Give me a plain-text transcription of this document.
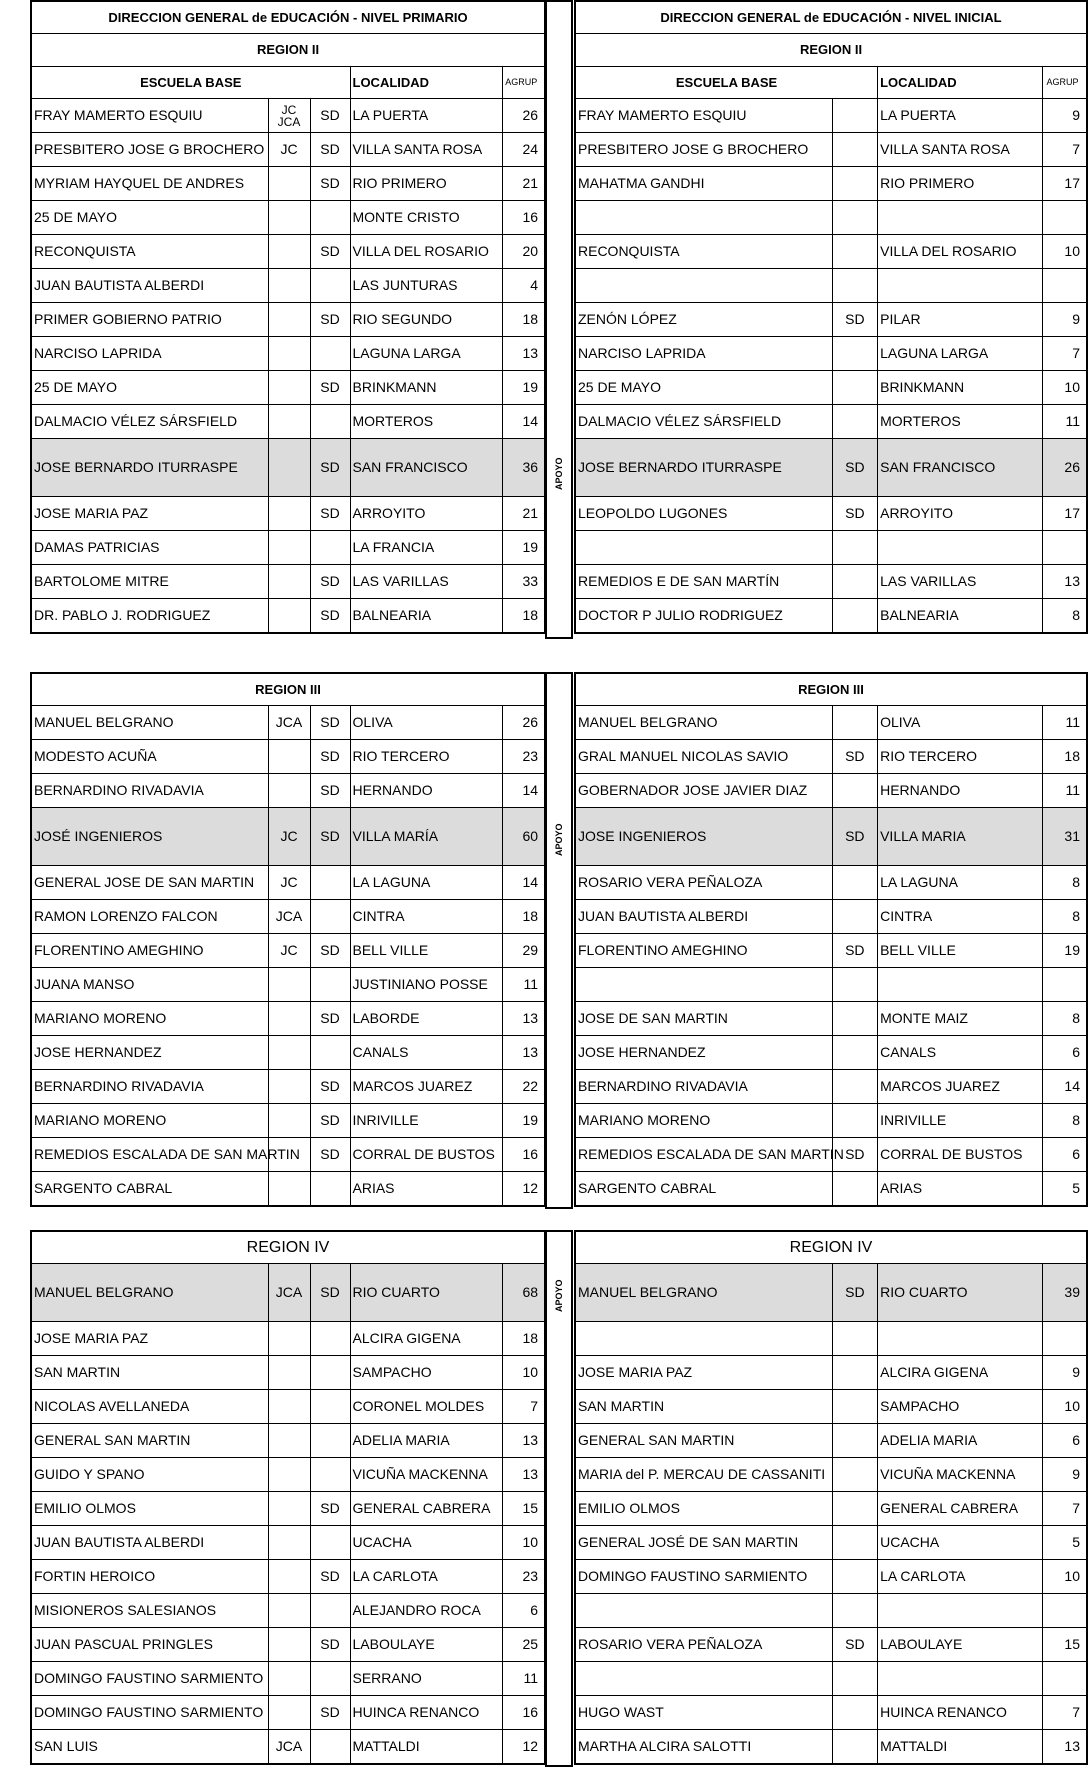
DIRECCION GENERAL de EDUCACIÓN - NIVEL PRIMARIO				
REGION II				
ESCUELA BASE			LOCALIDAD	AGRUP
FRAY MAMERTO ESQUIU	JC JCA	SD	LA PUERTA	26
PRESBITERO JOSE G BROCHERO	JC	SD	VILLA SANTA ROSA	24
MYRIAM HAYQUEL DE ANDRES		SD	RIO PRIMERO	21
25 DE MAYO			MONTE CRISTO	16
RECONQUISTA		SD	VILLA DEL ROSARIO	20
JUAN BAUTISTA ALBERDI			LAS JUNTURAS	4
PRIMER GOBIERNO PATRIO		SD	RIO SEGUNDO	18
NARCISO LAPRIDA			LAGUNA LARGA	13
25 DE MAYO		SD	BRINKMANN	19
DALMACIO VÉLEZ SÁRSFIELD			MORTEROS	14
JOSE BERNARDO ITURRASPE		SD	SAN FRANCISCO	36
JOSE MARIA PAZ		SD	ARROYITO	21
DAMAS PATRICIAS			LA FRANCIA	19
BARTOLOME MITRE		SD	LAS VARILLAS	33
DR. PABLO J. RODRIGUEZ		SD	BALNEARIA	18
DIRECCION GENERAL de EDUCACIÓN - NIVEL INICIAL			
REGION II			
ESCUELA BASE		LOCALIDAD	AGRUP
FRAY MAMERTO ESQUIU		LA PUERTA	9
PRESBITERO JOSE G BROCHERO		VILLA SANTA ROSA	7
MAHATMA GANDHI		RIO PRIMERO	17

RECONQUISTA		VILLA DEL ROSARIO	10

ZENÓN LÓPEZ	SD	PILAR	9
NARCISO LAPRIDA		LAGUNA LARGA	7
25 DE MAYO		BRINKMANN	10
DALMACIO VÉLEZ SÁRSFIELD		MORTEROS	11
JOSE BERNARDO ITURRASPE	SD	SAN FRANCISCO	26
LEOPOLDO LUGONES	SD	ARROYITO	17

REMEDIOS E DE SAN MARTÍN		LAS VARILLAS	13
DOCTOR P JULIO RODRIGUEZ		BALNEARIA	8
APOYO
REGION III				
MANUEL BELGRANO	JCA	SD	OLIVA	26
MODESTO ACUÑA		SD	RIO TERCERO	23
BERNARDINO RIVADAVIA		SD	HERNANDO	14
JOSÉ INGENIEROS	JC	SD	VILLA MARÍA	60
GENERAL JOSE DE SAN MARTIN	JC		LA LAGUNA	14
RAMON LORENZO FALCON	JCA		CINTRA	18
FLORENTINO AMEGHINO	JC	SD	BELL VILLE	29
JUANA MANSO			JUSTINIANO POSSE	11
MARIANO MORENO		SD	LABORDE	13
JOSE HERNANDEZ			CANALS	13
BERNARDINO RIVADAVIA		SD	MARCOS JUAREZ	22
MARIANO MORENO		SD	INRIVILLE	19
REMEDIOS ESCALADA DE SAN MARTIN		SD	CORRAL DE BUSTOS	16
SARGENTO CABRAL			ARIAS	12
REGION III			
MANUEL BELGRANO		OLIVA	11
GRAL MANUEL NICOLAS SAVIO	SD	RIO TERCERO	18
GOBERNADOR JOSE JAVIER DIAZ		HERNANDO	11
JOSE INGENIEROS	SD	VILLA MARIA	31
ROSARIO VERA PEÑALOZA		LA LAGUNA	8
JUAN BAUTISTA ALBERDI		CINTRA	8
FLORENTINO AMEGHINO	SD	BELL VILLE	19

JOSE DE SAN MARTIN		MONTE MAIZ	8
JOSE HERNANDEZ		CANALS	6
BERNARDINO RIVADAVIA		MARCOS JUAREZ	14
MARIANO MORENO		INRIVILLE	8
REMEDIOS ESCALADA DE SAN MARTIN	SD	CORRAL DE BUSTOS	6
SARGENTO CABRAL		ARIAS	5
APOYO
REGION IV				
MANUEL BELGRANO	JCA	SD	RIO CUARTO	68
JOSE MARIA PAZ			ALCIRA GIGENA	18
SAN MARTIN			SAMPACHO	10
NICOLAS AVELLANEDA			CORONEL MOLDES	7
GENERAL SAN MARTIN			ADELIA MARIA	13
GUIDO Y SPANO			VICUÑA MACKENNA	13
EMILIO OLMOS		SD	GENERAL CABRERA	15
JUAN BAUTISTA ALBERDI			UCACHA	10
FORTIN HEROICO		SD	LA CARLOTA	23
MISIONEROS SALESIANOS			ALEJANDRO ROCA	6
JUAN PASCUAL PRINGLES		SD	LABOULAYE	25
DOMINGO FAUSTINO SARMIENTO			SERRANO	11
DOMINGO FAUSTINO SARMIENTO		SD	HUINCA RENANCO	16
SAN LUIS	JCA		MATTALDI	12
REGION IV			
MANUEL BELGRANO	SD	RIO CUARTO	39

JOSE MARIA PAZ		ALCIRA GIGENA	9
SAN MARTIN		SAMPACHO	10
GENERAL SAN MARTIN		ADELIA MARIA	6
MARIA del P. MERCAU DE CASSANITI		VICUÑA MACKENNA	9
EMILIO OLMOS		GENERAL CABRERA	7
GENERAL JOSÉ DE SAN MARTIN		UCACHA	5
DOMINGO FAUSTINO SARMIENTO		LA CARLOTA	10

ROSARIO VERA PEÑALOZA	SD	LABOULAYE	15

HUGO WAST		HUINCA RENANCO	7
MARTHA ALCIRA SALOTTI		MATTALDI	13
APOYO
